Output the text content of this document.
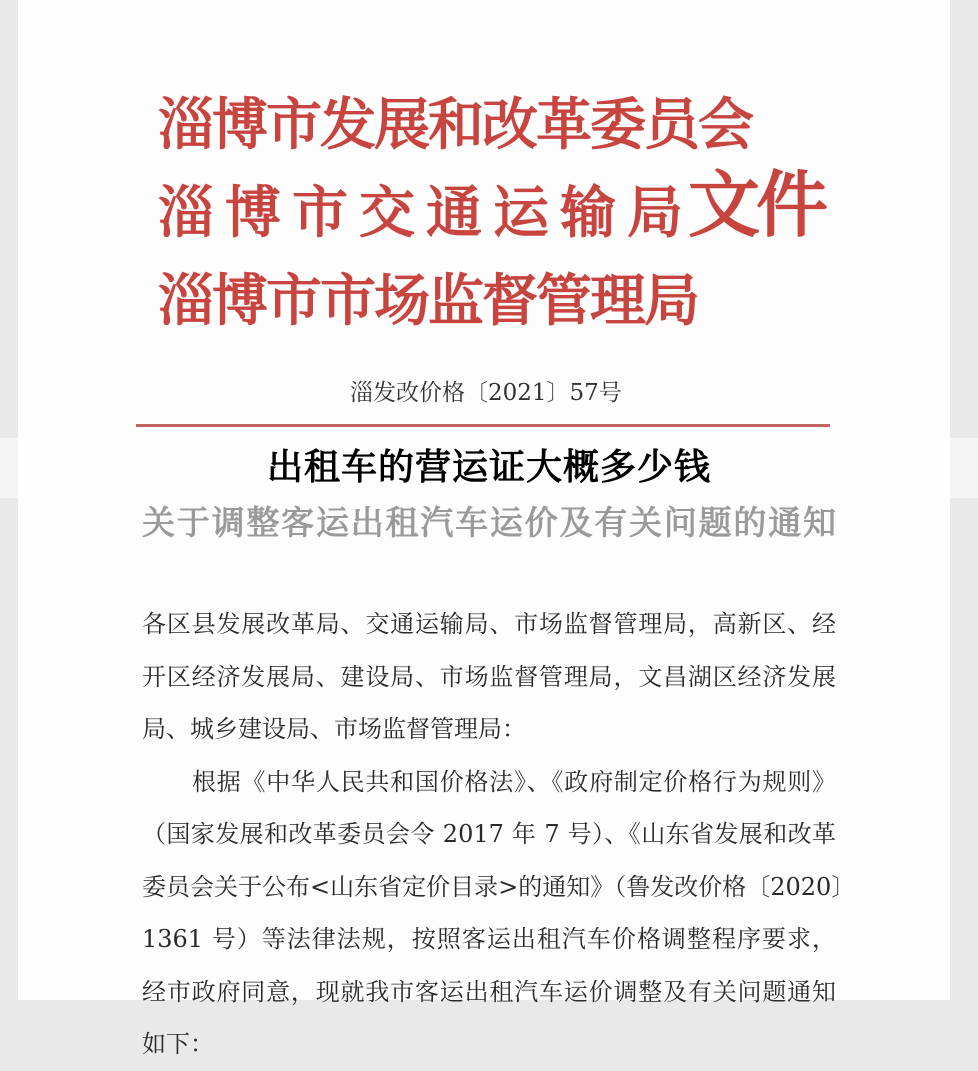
淄博市发展和改革委员会
淄 博 市 交 通 运 输 局
淄博市市场监督管理局
文件
淄发改价格〔2021〕57号
出租车的营运证大概多少钱
关于调整客运出租汽车运价及有关问题的通知
各区县发展改革局、交通运输局、市场监督管理局，高新区、经
开区经济发展局、建设局、市场监督管理局，文昌湖区经济发展
局、城乡建设局、市场监督管理局：
根据《中华人民共和国价格法》、《政府制定价格行为规则》
（国家发展和改革委员会令 2017 年 7 号）、《山东省发展和改革
委员会关于公布<山东省定价目录>的通知》（鲁发改价格〔2020〕
1361 号）等法律法规，按照客运出租汽车价格调整程序要求，
经市政府同意，现就我市客运出租汽车运价调整及有关问题通知
如下：
